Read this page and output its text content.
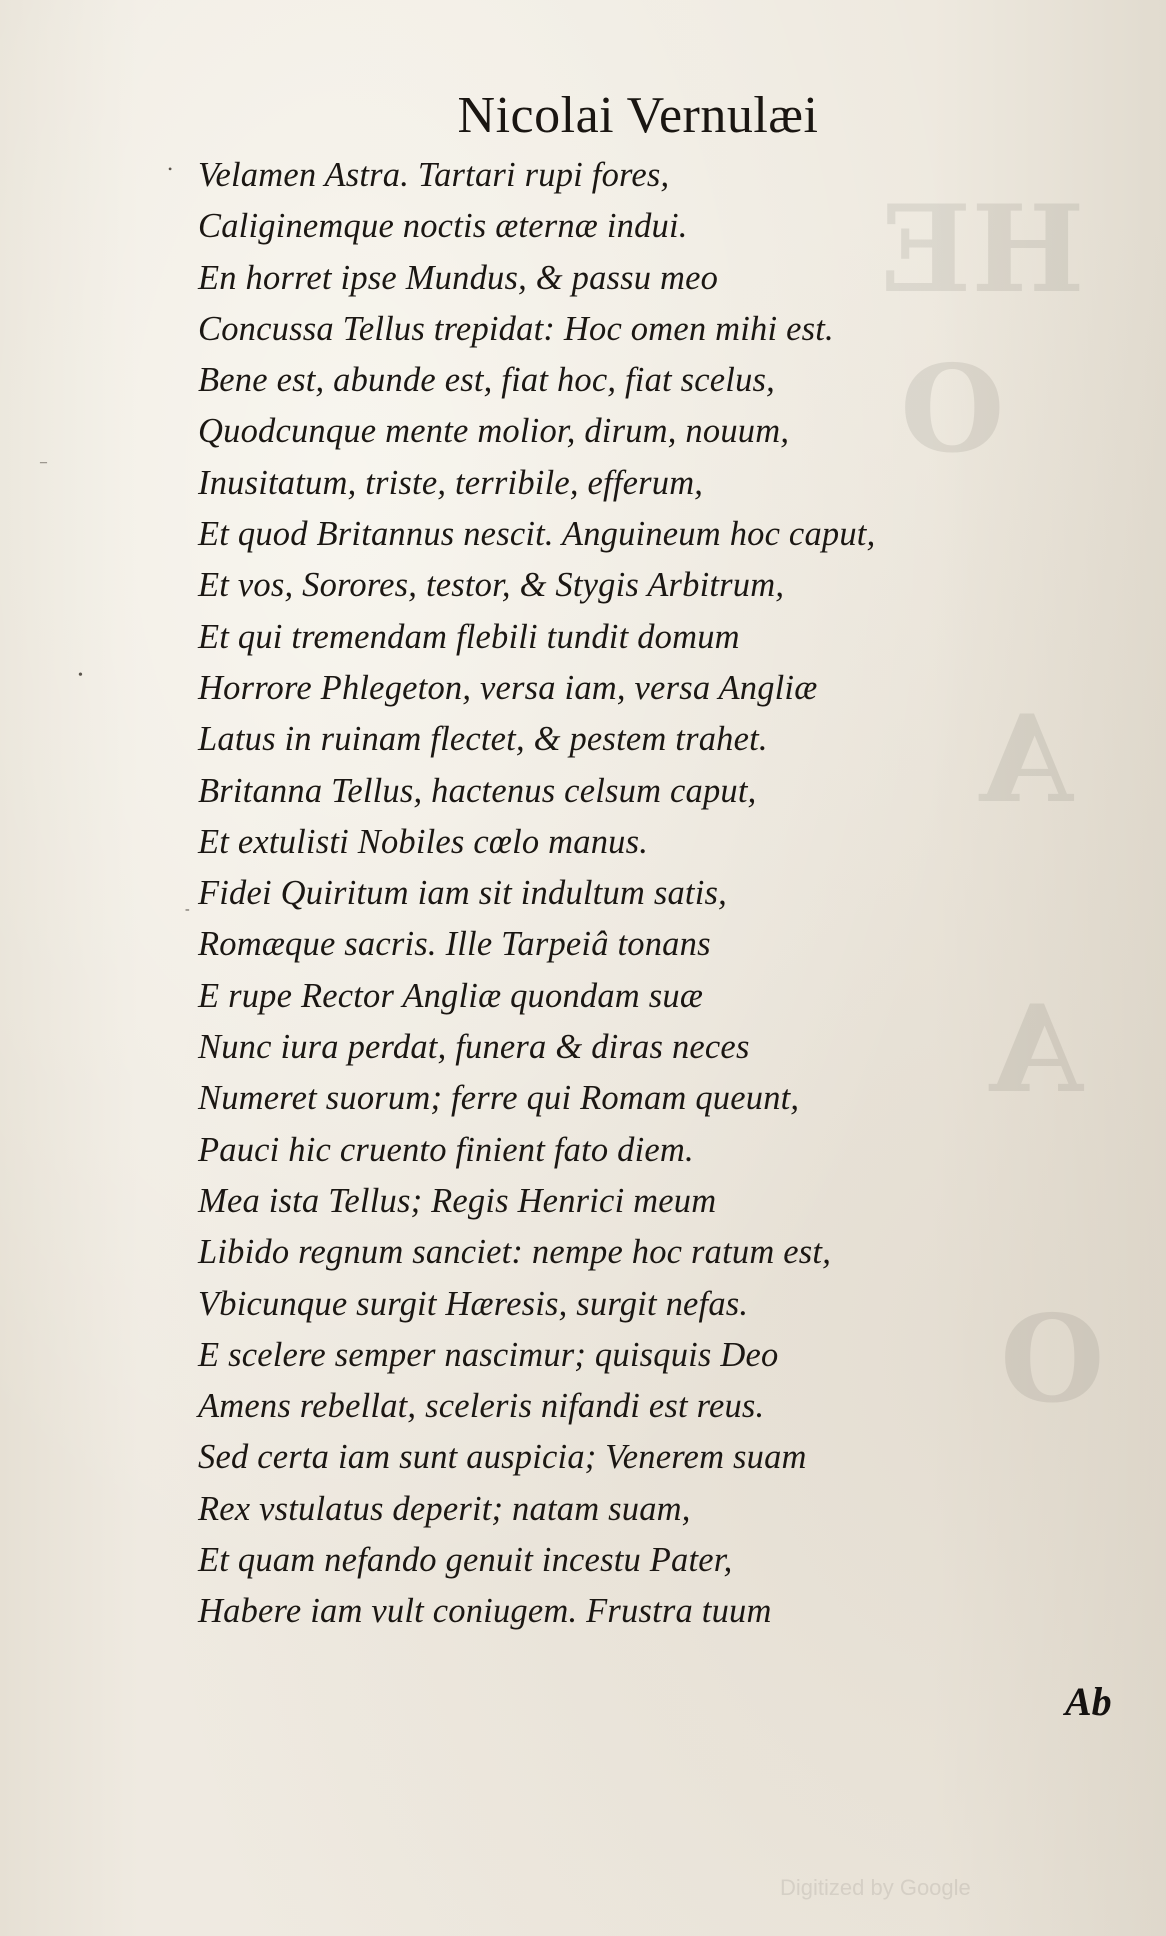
HE
O
A
A
O
•
•
–
-
Nicolai Vernulæi
Velamen Astra. Tartari rupi fores,
Caliginemque noctis æternæ indui.
En horret ipse Mundus, & passu meo
Concussa Tellus trepidat: Hoc omen mihi est.
Bene est, abunde est, fiat hoc, fiat scelus,
Quodcunque mente molior, dirum, nouum,
Inusitatum, triste, terribile, efferum,
Et quod Britannus nescit. Anguineum hoc caput,
Et vos, Sorores, testor, & Stygis Arbitrum,
Et qui tremendam flebili tundit domum
Horrore Phlegeton, versa iam, versa Angliæ
Latus in ruinam flectet, & pestem trahet.
Britanna Tellus, hactenus celsum caput,
Et extulisti Nobiles cœlo manus.
Fidei Quiritum iam sit indultum satis,
Romæque sacris. Ille Tarpeiâ tonans
E rupe Rector Angliæ quondam suæ
Nunc iura perdat, funera & diras neces
Numeret suorum; ferre qui Romam queunt,
Pauci hic cruento finient fato diem.
Mea ista Tellus; Regis Henrici meum
Libido regnum sanciet: nempe hoc ratum est,
Vbicunque surgit Hæresis, surgit nefas.
E scelere semper nascimur; quisquis Deo
Amens rebellat, sceleris nifandi est reus.
Sed certa iam sunt auspicia; Venerem suam
Rex vstulatus deperit; natam suam,
Et quam nefando genuit incestu Pater,
Habere iam vult coniugem. Frustra tuum
Ab
Digitized by Google
